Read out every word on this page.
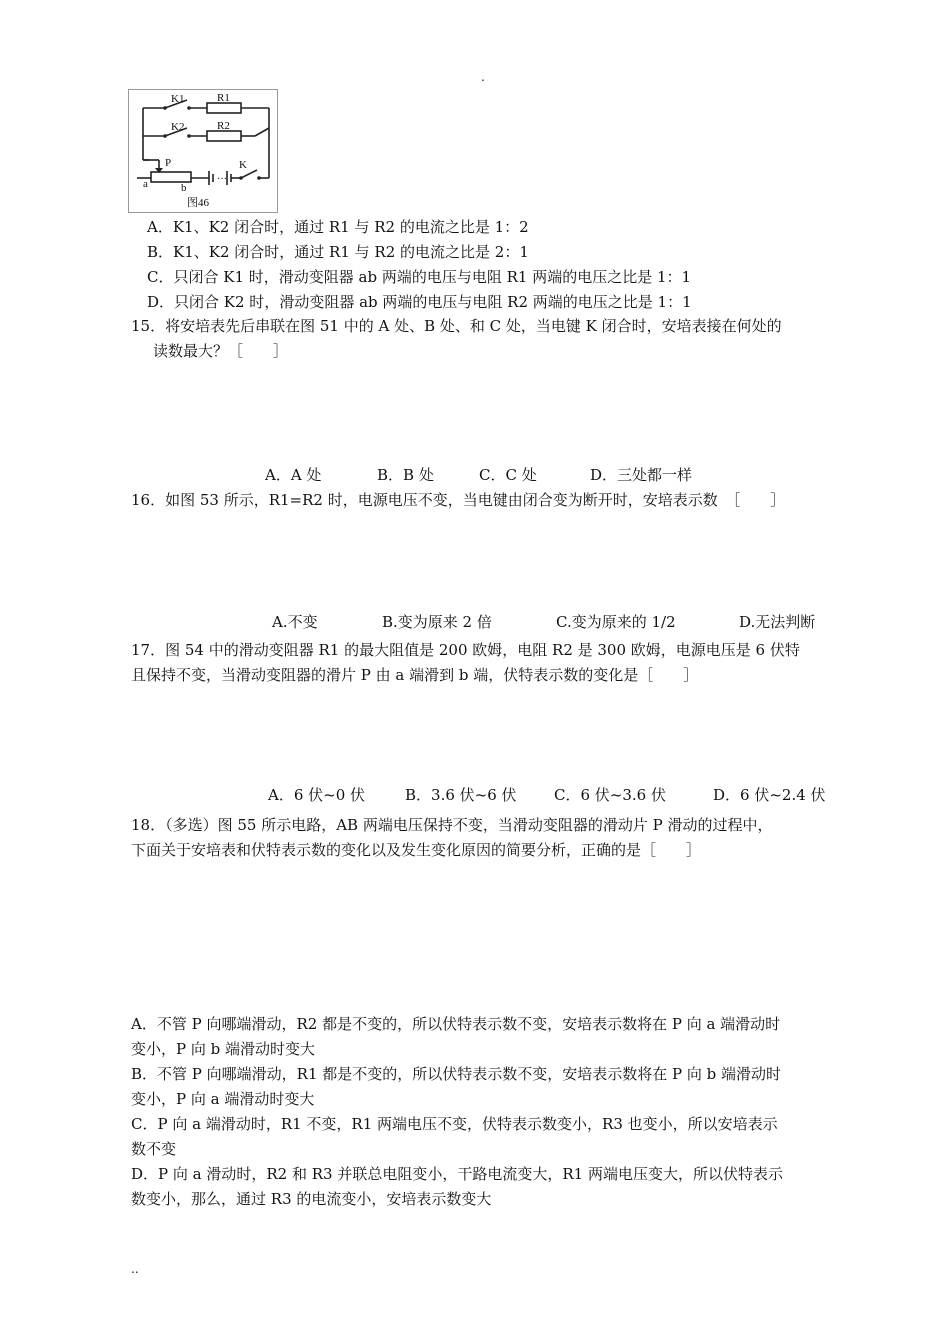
.
..
···
K1	R1
K2	R2
P	K
a	b
图46
A．K1、K2 闭合时，通过 R1 与 R2 的电流之比是 1：2
B．K1、K2 闭合时，通过 R1 与 R2 的电流之比是 2：1
C．只闭合 K1 时，滑动变阻器 ab 两端的电压与电阻 R1 两端的电压之比是 1：1
D．只闭合 K2 时，滑动变阻器 ab 两端的电压与电阻 R2 两端的电压之比是 1：1
15．将安培表先后串联在图 51 中的 A 处、B 处、和 C 处，当电键 K 闭合时，安培表接在何处的
读数最大？［　　］
A．A 处	B．B 处	C．C 处	D．三处都一样
16．如图 53 所示，R1=R2 时，电源电压不变，当电键由闭合变为断开时，安培表示数　［　　］
A.不变	B.变为原来 2 倍	C.变为原来的 1/2	D.无法判断
17．图 54 中的滑动变阻器 R1 的最大阻值是 200 欧姆，电阻 R2 是 300 欧姆，电源电压是 6 伏特
且保持不变，当滑动变阻器的滑片 P 由 a 端滑到 b 端，伏特表示数的变化是［　　］
A．6 伏~0 伏	B．3.6 伏~6 伏 C．6 伏~3.6 伏	D．6 伏~2.4 伏
18．（多选）图 55 所示电路，AB 两端电压保持不变，当滑动变阻器的滑动片 P 滑动的过程中，
下面关于安培表和伏特表示数的变化以及发生变化原因的简要分析，正确的是［　　］
A．不管 P 向哪端滑动，R2 都是不变的，所以伏特表示数不变，安培表示数将在 P 向 a 端滑动时
变小，P 向 b 端滑动时变大
B．不管 P 向哪端滑动，R1 都是不变的，所以伏特表示数不变，安培表示数将在 P 向 b 端滑动时
变小，P 向 a 端滑动时变大
C．P 向 a 端滑动时，R1 不变，R1 两端电压不变，伏特表示数变小，R3 也变小，所以安培表示
数不变
D．P 向 a 滑动时，R2 和 R3 并联总电阻变小，干路电流变大，R1 两端电压变大，所以伏特表示
数变小，那么，通过 R3 的电流变小，安培表示数变大
